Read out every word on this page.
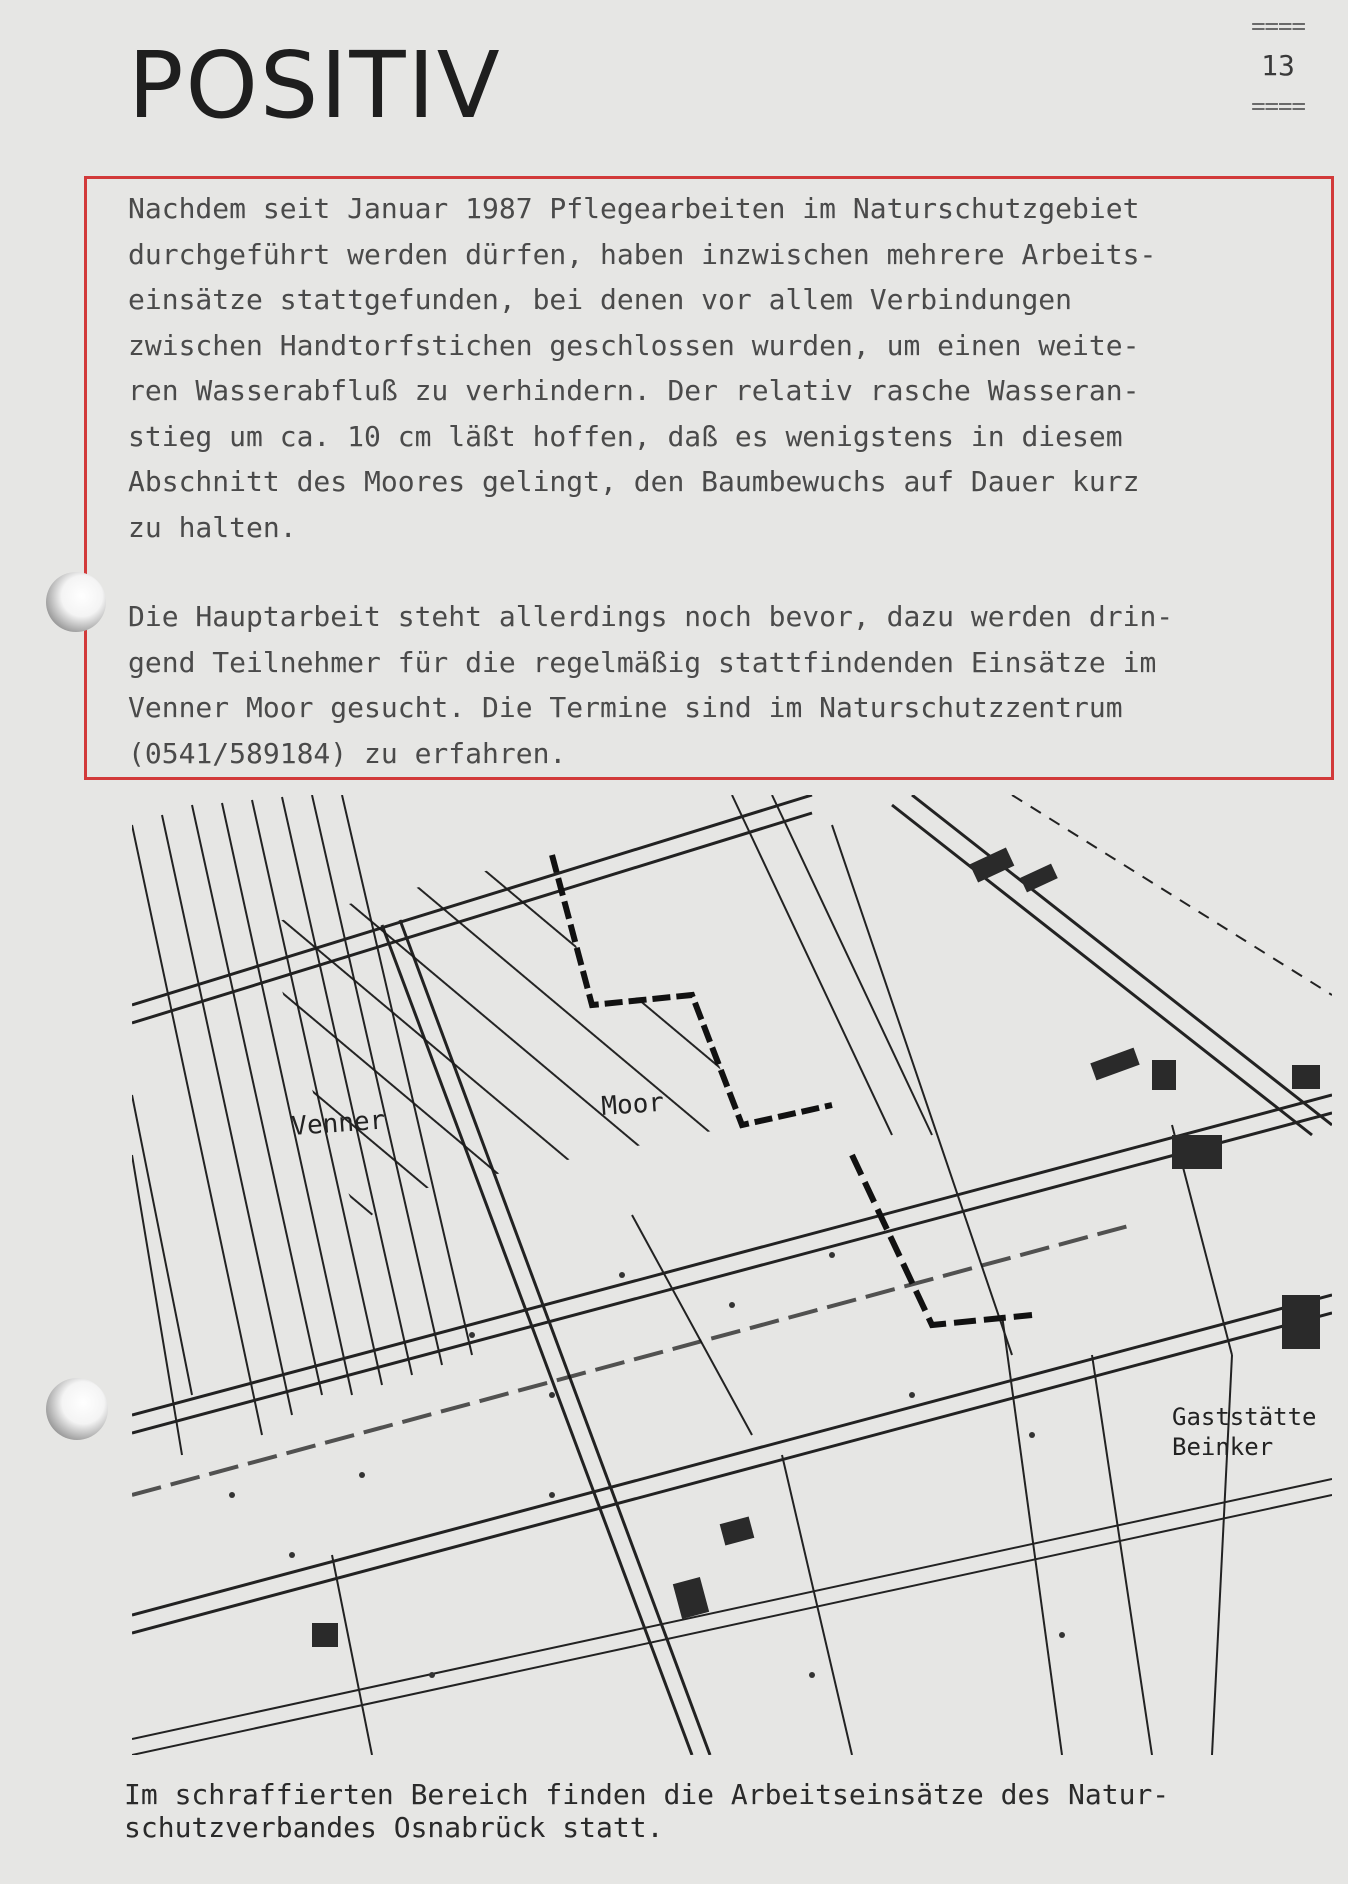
POSITIV
====
13
====

Nachdem seit Januar 1987 Pflegearbeiten im Naturschutzgebiet
durchgeführt werden dürfen, haben inzwischen mehrere Arbeits-
einsätze stattgefunden, bei denen vor allem Verbindungen
zwischen Handtorfstichen geschlossen wurden, um einen weite-
ren Wasserabfluß zu verhindern. Der relativ rasche Wasseran-
stieg um ca. 10 cm läßt hoffen, daß es wenigstens in diesem
Abschnitt des Moores gelingt, den Baumbewuchs auf Dauer kurz
zu halten.

Die Hauptarbeit steht allerdings noch bevor, dazu werden drin-
gend Teilnehmer für die regelmäßig stattfindenden Einsätze im
Venner Moor gesucht. Die Termine sind im Naturschutzzentrum
(0541/589184) zu erfahren.

Venner
Moor
Gaststätte
Beinker

Im schraffierten Bereich finden die Arbeitseinsätze des Natur-
schutzverbandes Osnabrück statt.
